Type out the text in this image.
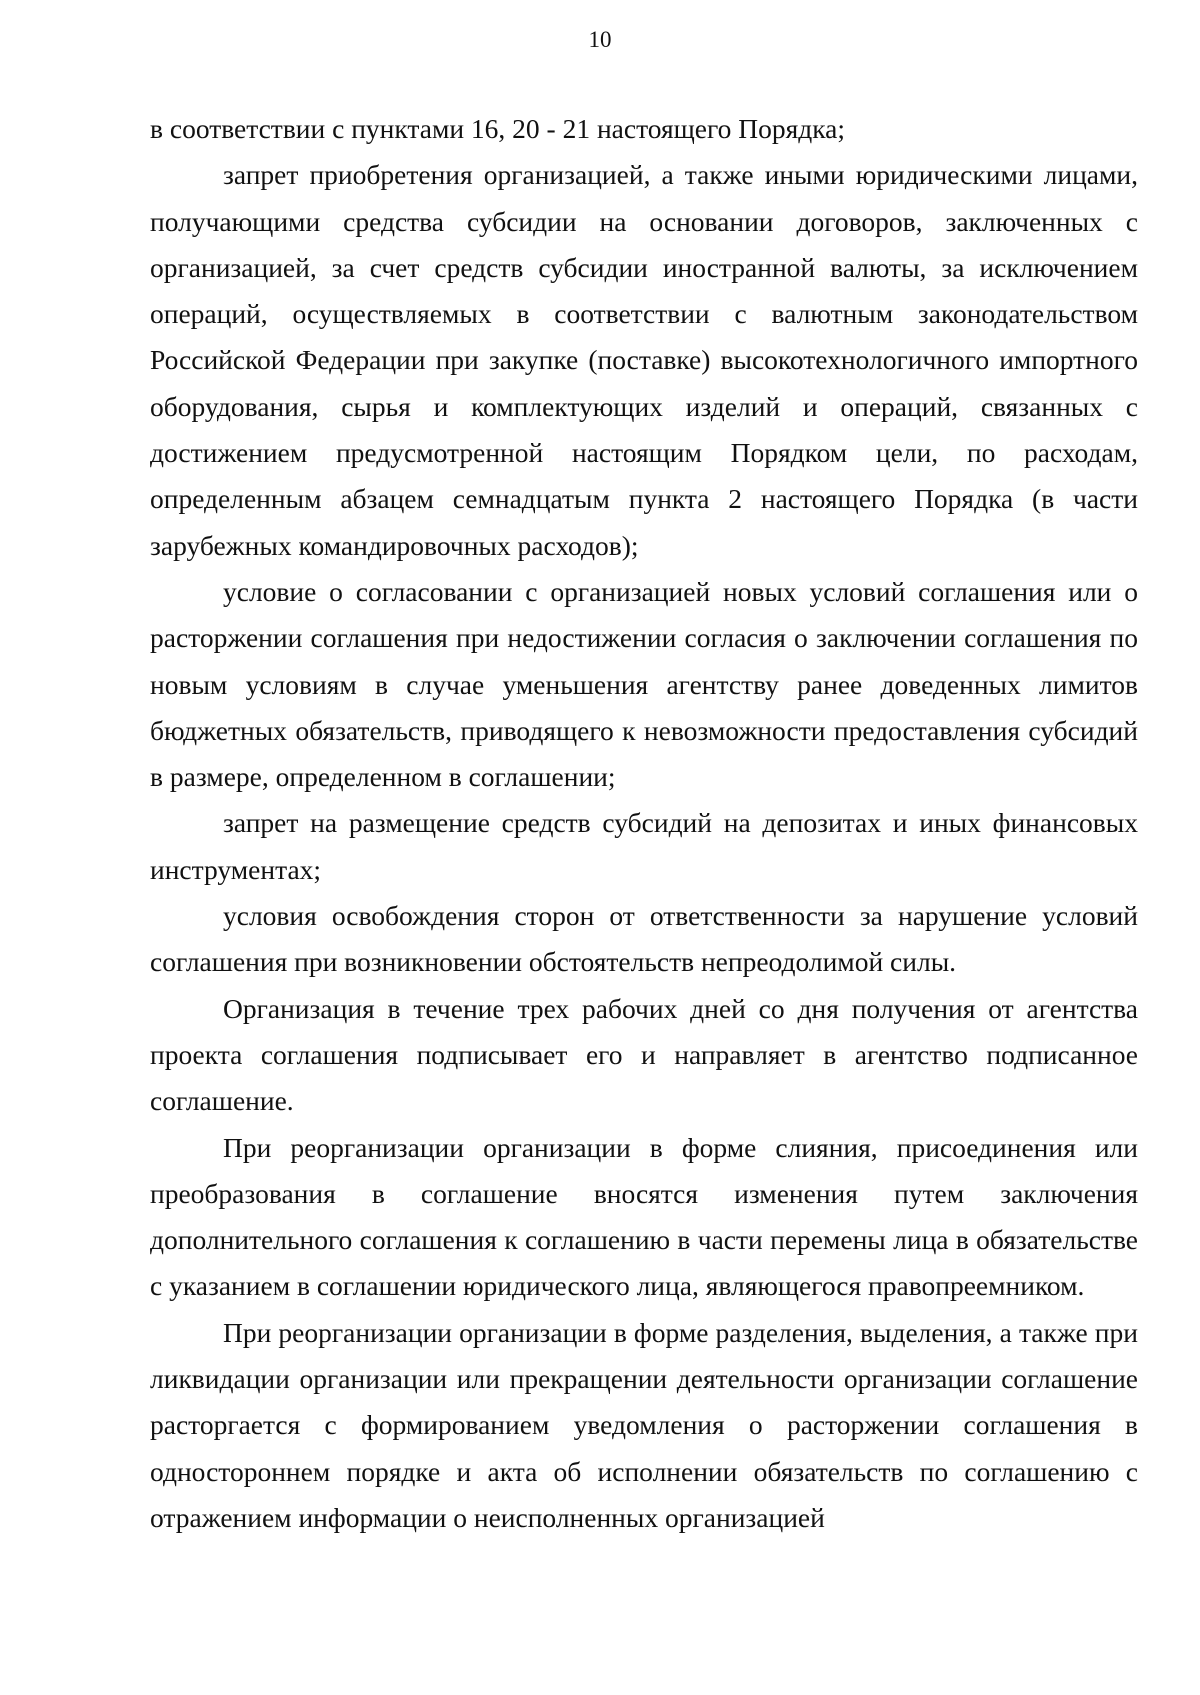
10

в соответствии с пунктами 16, 20 - 21 настоящего Порядка;

запрет приобретения организацией, а также иными юридическими лицами, получающими средства субсидии на основании договоров, заключенных с организацией, за счет средств субсидии иностранной валюты, за исключением операций, осуществляемых в соответствии с валютным законодательством Российской Федерации при закупке (поставке) высокотехнологичного импортного оборудования, сырья и комплектующих изделий и операций, связанных с достижением предусмотренной настоящим Порядком цели, по расходам, определенным абзацем семнадцатым пункта 2 настоящего Порядка (в части зарубежных командировочных расходов);

условие о согласовании с организацией новых условий соглашения или о расторжении соглашения при недостижении согласия о заключении соглашения по новым условиям в случае уменьшения агентству ранее доведенных лимитов бюджетных обязательств, приводящего к невозможности предоставления субсидий в размере, определенном в соглашении;

запрет на размещение средств субсидий на депозитах и иных финансовых инструментах;

условия освобождения сторон от ответственности за нарушение условий соглашения при возникновении обстоятельств непреодолимой силы.

Организация в течение трех рабочих дней со дня получения от агентства проекта соглашения подписывает его и направляет в агентство подписанное соглашение.

При реорганизации организации в форме слияния, присоединения или преобразования в соглашение вносятся изменения путем заключения дополнительного соглашения к соглашению в части перемены лица в обязательстве с указанием в соглашении юридического лица, являющегося правопреемником.

При реорганизации организации в форме разделения, выделения, а также при ликвидации организации или прекращении деятельности организации соглашение расторгается с формированием уведомления о расторжении соглашения в одностороннем порядке и акта об исполнении обязательств по соглашению с отражением информации о неисполненных организацией
